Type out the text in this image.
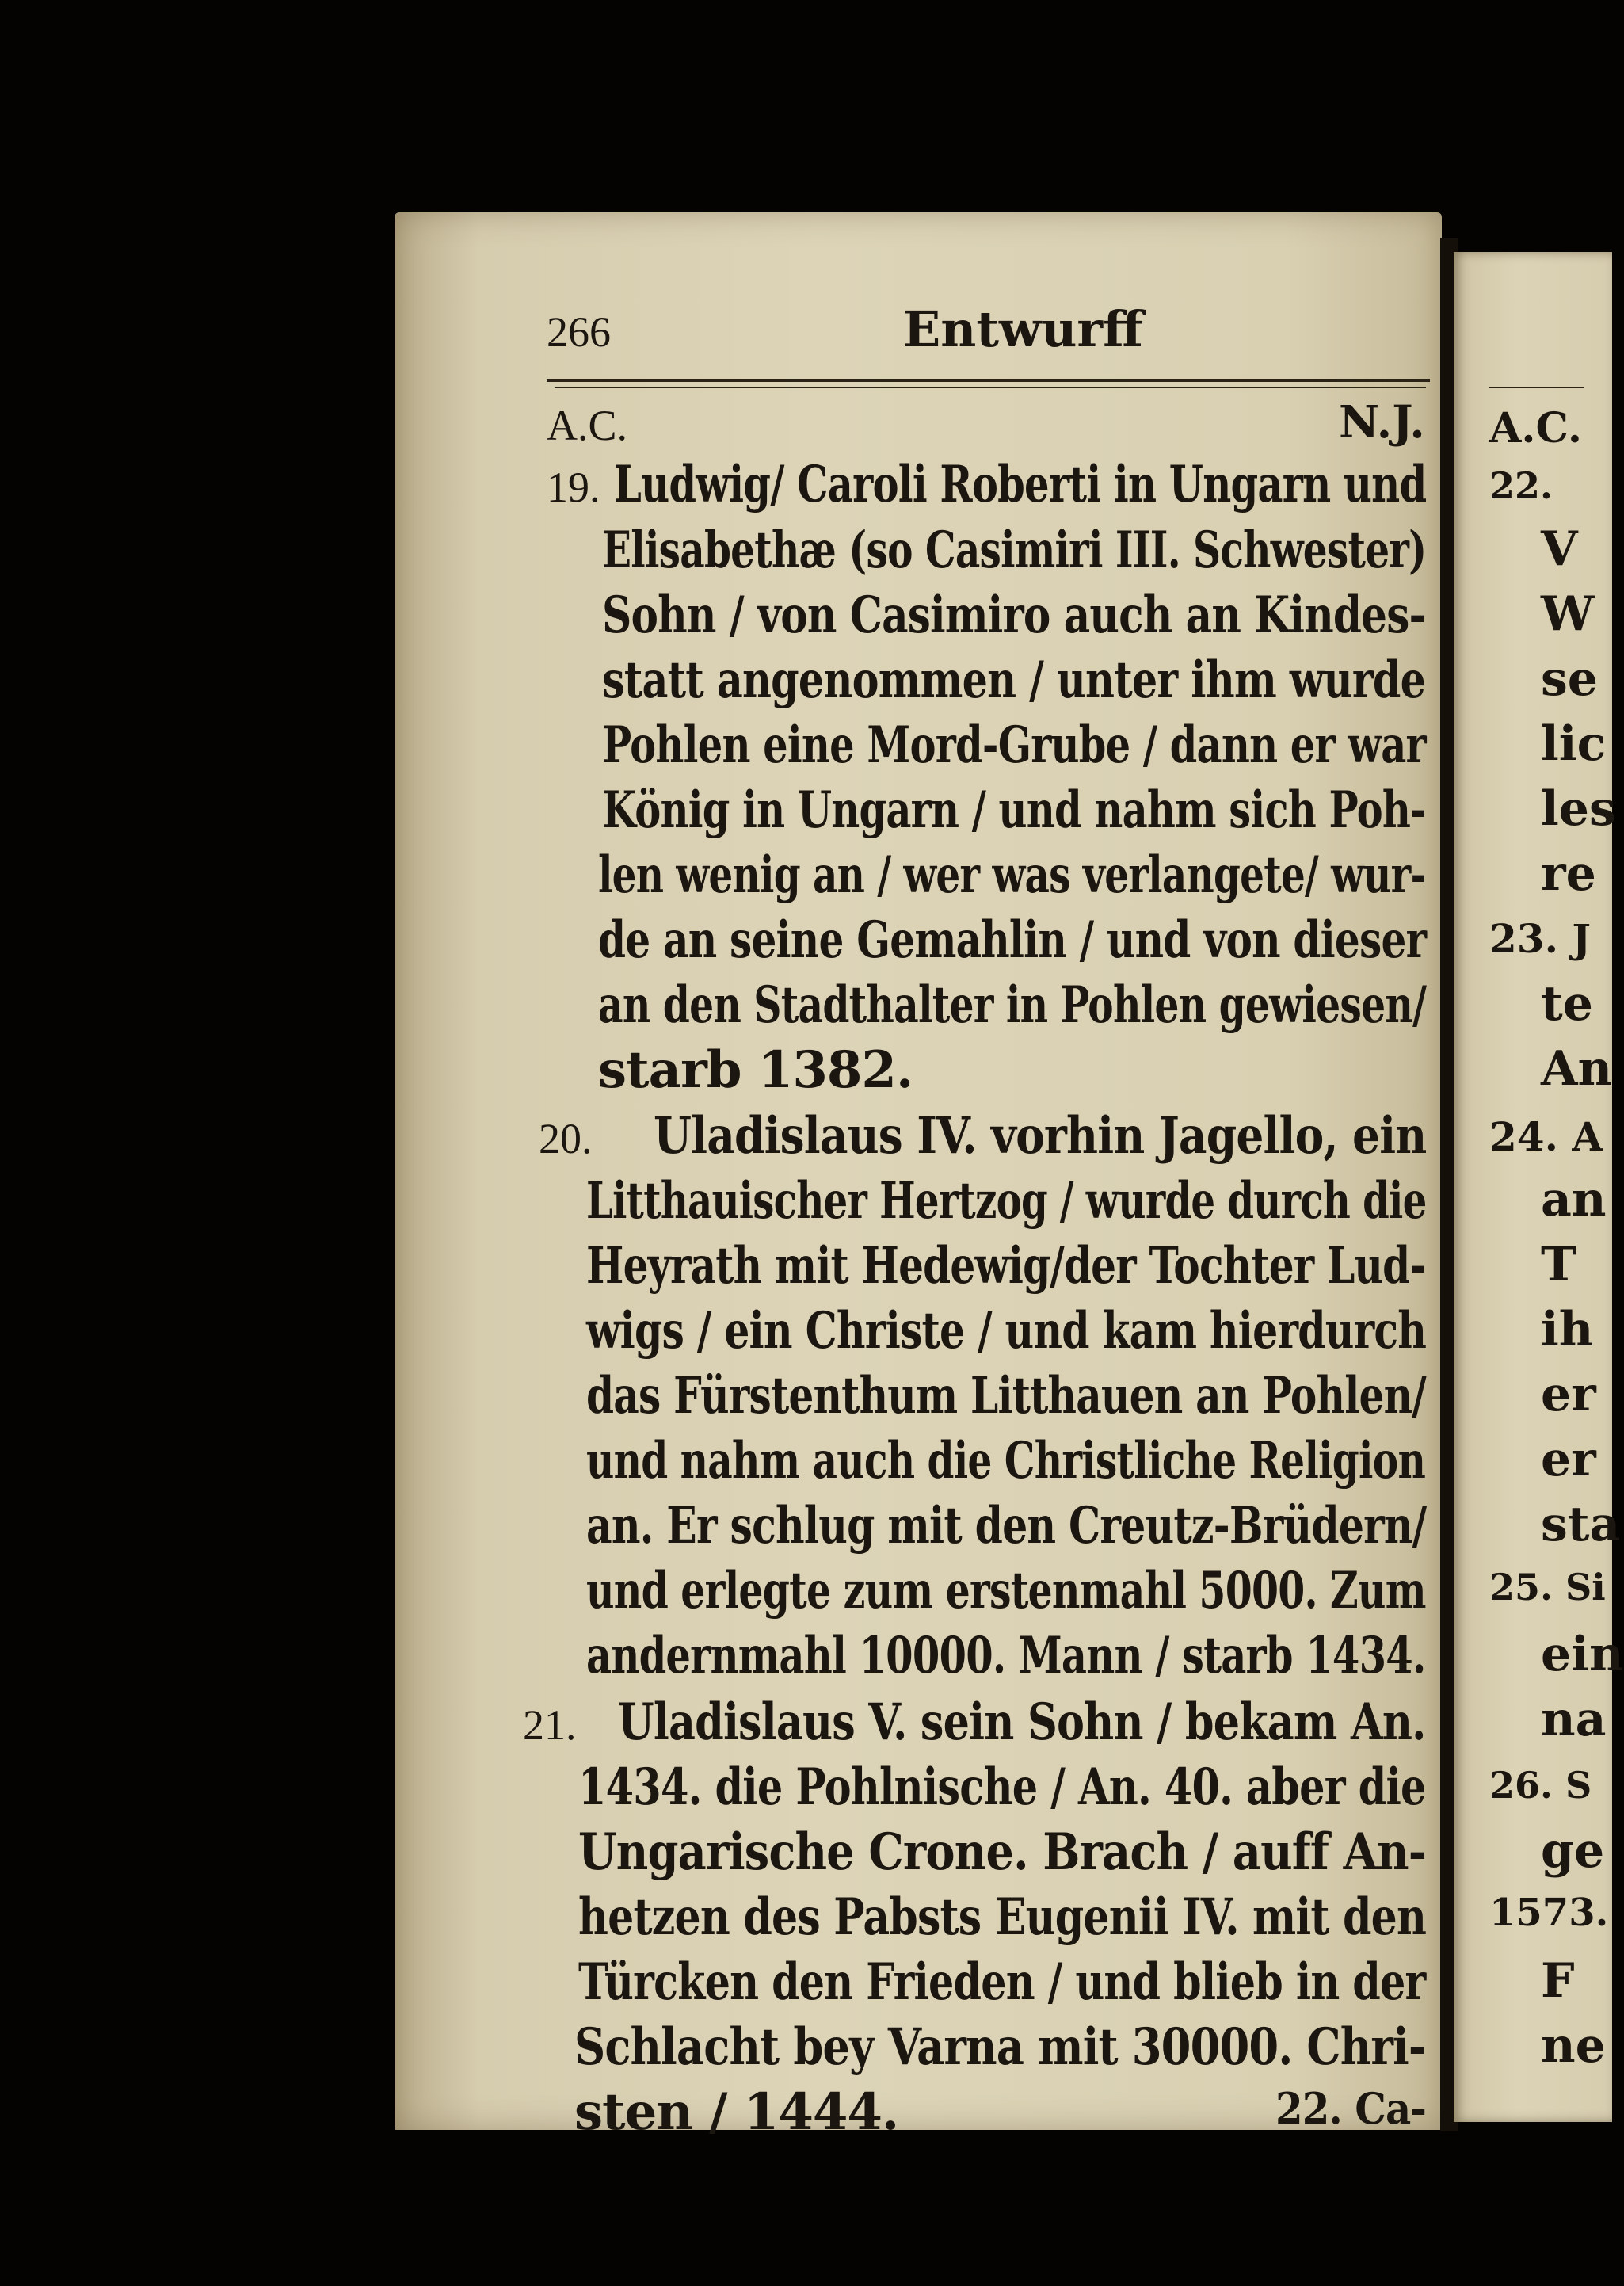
266	Entwurff
A.C.	N.J.
19. Ludwig/ Caroli Roberti in Ungarn und
Elisabethæ (so Casimiri III. Schwester)
Sohn / von Casimiro auch an Kindes-
statt angenommen / unter ihm wurde
Pohlen eine Mord-Grube / dann er war
König in Ungarn / und nahm sich Poh-
len wenig an / wer was verlangete/ wur-
de an seine Gemahlin / und von dieser
an den Stadthalter in Pohlen gewiesen/
starb 1382.
20. Uladislaus IV. vorhin Jagello, ein
Litthauischer Hertzog / wurde durch die
Heyrath mit Hedewig/der Tochter Lud-
wigs / ein Christe / und kam hierdurch
das Fürstenthum Litthauen an Pohlen/
und nahm auch die Christliche Religion
an. Er schlug mit den Creutz-Brüdern/
und erlegte zum erstenmahl 5000. Zum
andernmahl 10000. Mann / starb 1434.
21. Uladislaus V. sein Sohn / bekam An.
1434. die Pohlnische / An. 40. aber die
Ungarische Crone. Brach / auff An-
hetzen des Pabsts Eugenii IV. mit den
Türcken den Frieden / und blieb in der
Schlacht bey Varna mit 30000. Chri-
sten / 1444.	22. Ca-
A.C.
22.
V
W
se
lic
les
re
23. J
te
An
24. A
an
T
ih
er
er
sta
25. Si
ein
na
26. S
ge
1573.
F
ne
